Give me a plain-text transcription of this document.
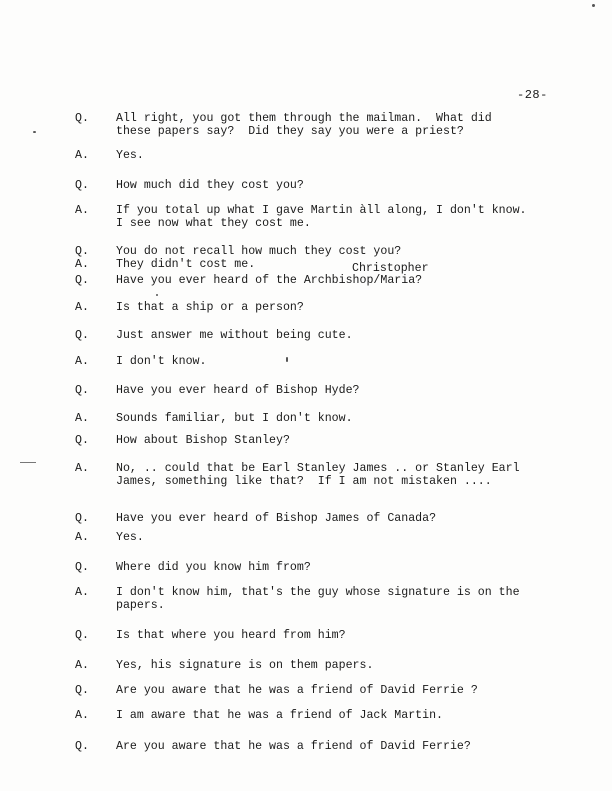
-28-
Q. All right, you got them through the mailman.  What did
these papers say?  Did they say you were a priest?
A. Yes.
Q. How much did they cost you?
A. If you total up what I gave Martin àll along, I don't know.
I see now what they cost me.
Q. You do not recall how much they cost you?
A. They didn't cost me.
Q. Have you ever heard of the Archbishop/Maria?
A. Is that a ship or a person?
Q. Just answer me without being cute.
A. I don't know.
Q. Have you ever heard of Bishop Hyde?
A. Sounds familiar, but I don't know.
Q. How about Bishop Stanley?
A. No, .. could that be Earl Stanley James .. or Stanley Earl
James, something like that?  If I am not mistaken ....
Q. Have you ever heard of Bishop James of Canada?
A. Yes.
Q. Where did you know him from?
A. I don't know him, that's the guy whose signature is on the
papers.
Q. Is that where you heard from him?
A. Yes, his signature is on them papers.
Q. Are you aware that he was a friend of David Ferrie ?
A. I am aware that he was a friend of Jack Martin.
Q. Are you aware that he was a friend of David Ferrie?
Christopher
